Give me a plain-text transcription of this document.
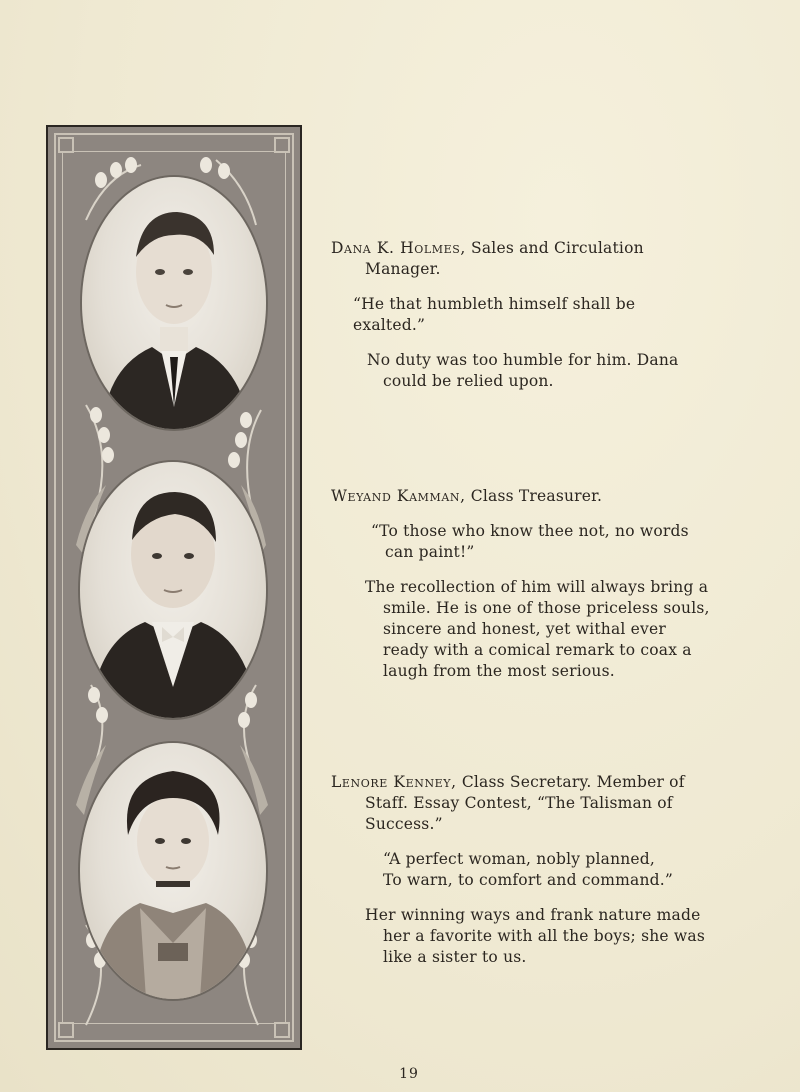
Dana K. Holmes, Sales and Circulation Manager.

“He that humbleth himself shall be exalted.”

No duty was too humble for him. Dana could be relied upon.

Weyand Kamman, Class Treasurer.

“To those who know thee not, no words can paint!”

The recollection of him will always bring a smile. He is one of those priceless souls, sincere and honest, yet withal ever ready with a comical remark to coax a laugh from the most serious.

Lenore Kenney, Class Secretary. Member of Staff. Essay Contest, “The Talisman of Success.”

“A perfect woman, nobly planned,
To warn, to comfort and command.”

Her winning ways and frank nature made her a favorite with all the boys; she was like a sister to us.

19
